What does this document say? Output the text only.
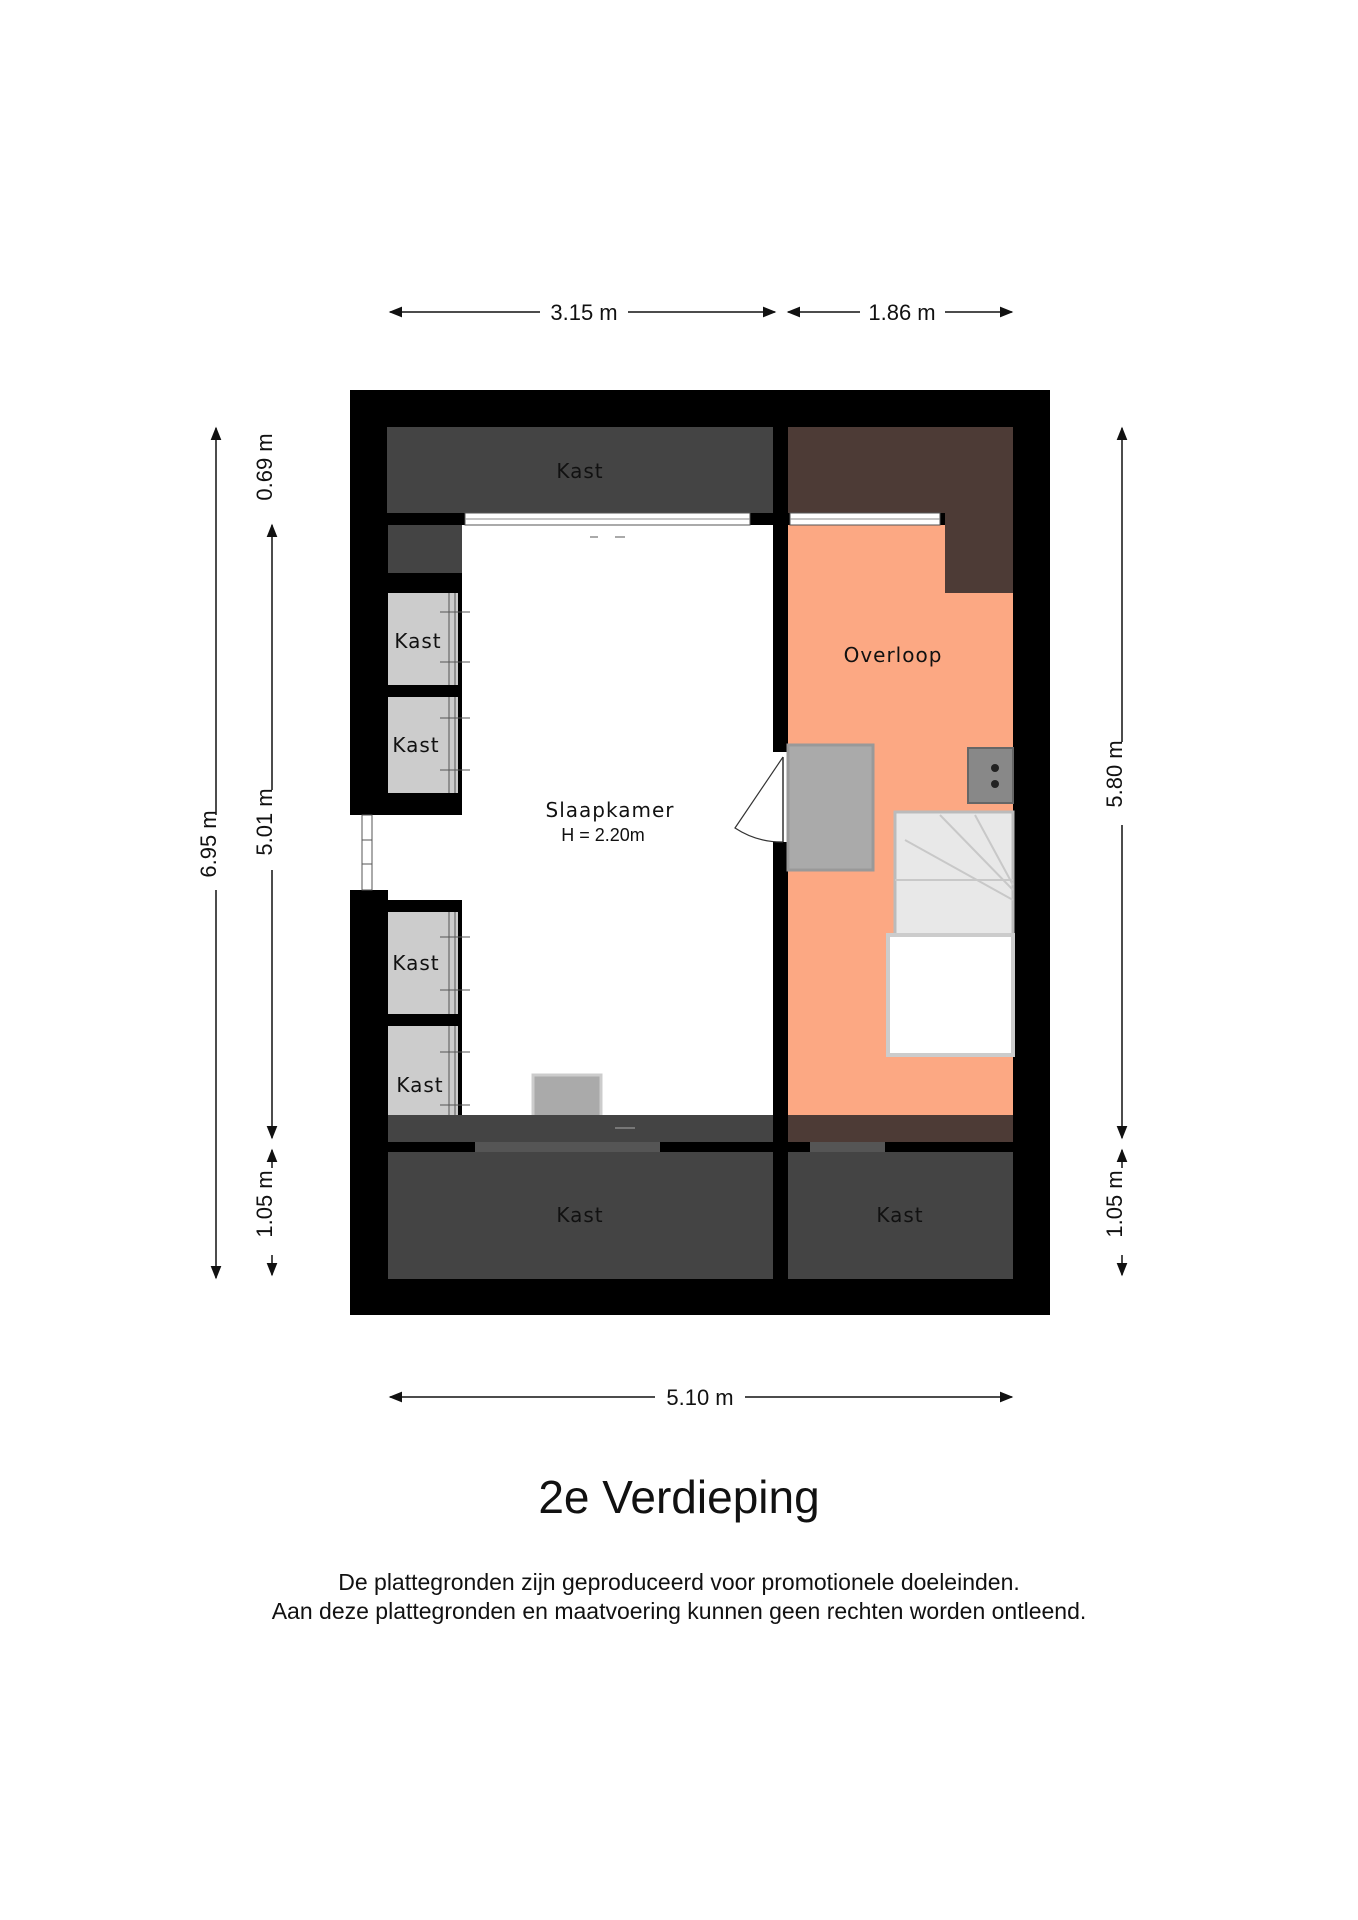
Kast
Kast
Kast
Kast
Kast
Kast	Kast
Overloop
Slaapkamer
H = 2.20m
3.15 m	1.86 m
5.10 m
6.95 m
0.69 m
5.01 m
1.05 m
5.80 m
1.05 m
2e Verdieping
De plattegronden zijn geproduceerd voor promotionele doeleinden.
Aan deze plattegronden en maatvoering kunnen geen rechten worden ontleend.
